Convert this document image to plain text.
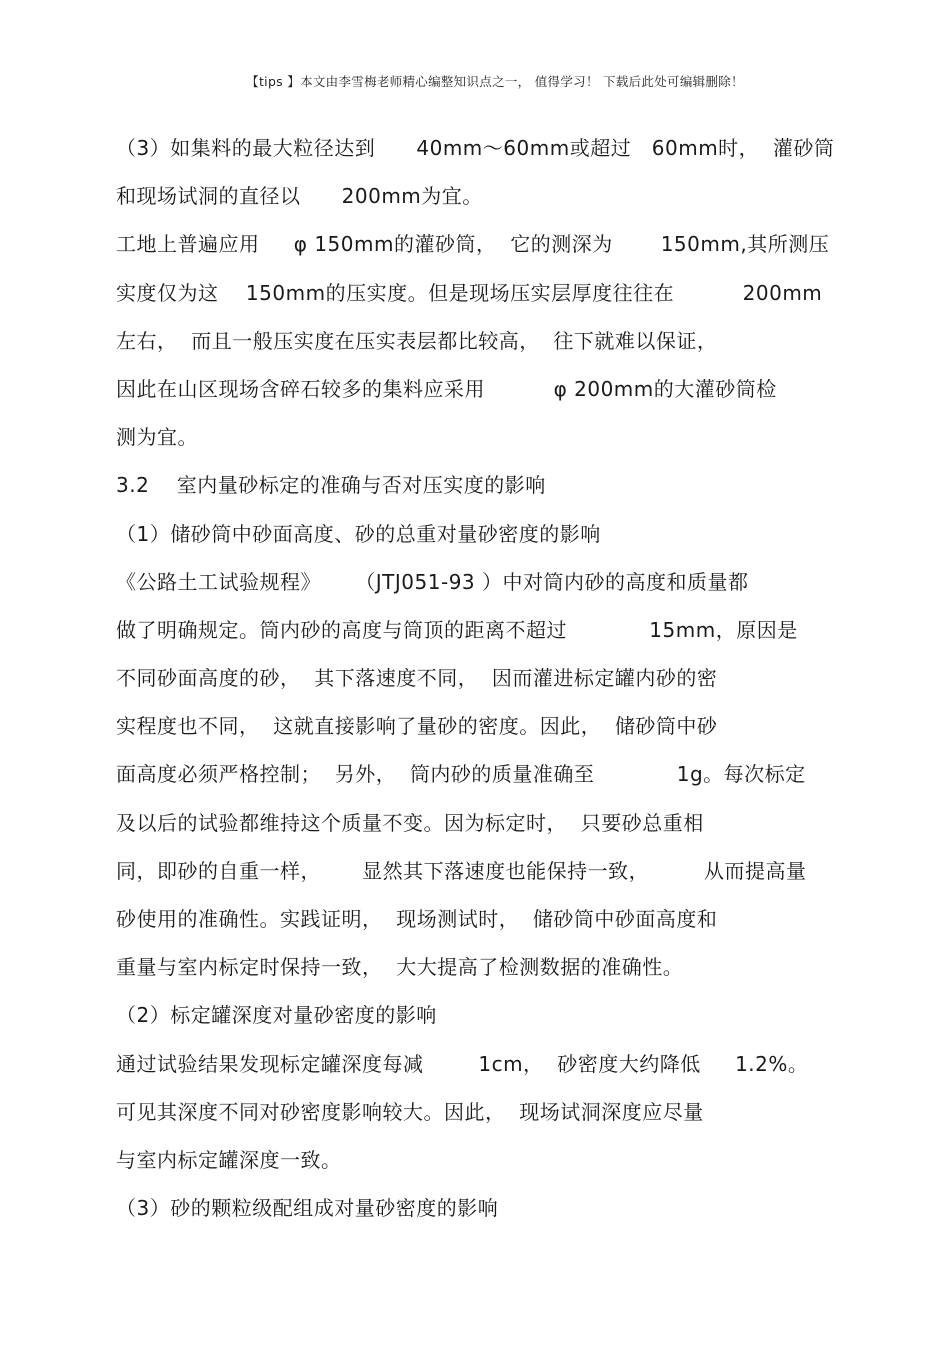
【tips 】本文由李雪梅老师精心编整知识点之一， 值得学习！ 下载后此处可编辑删除！
（3）如集料的最大粒径达到      40mm～60mm或超过   60mm时，  灌砂筒
和现场试洞的直径以      200mm为宜。
工地上普遍应用     φ 150mm的灌砂筒，  它的测深为       150mm,其所测压
实度仅为这    150mm的压实度。但是现场压实层厚度往往在          200mm
左右，  而且一般压实度在压实表层都比较高，  往下就难以保证，
因此在山区现场含碎石较多的集料应采用          φ 200mm的大灌砂筒检
测为宜。
3.2    室内量砂标定的准确与否对压实度的影响
（1）储砂筒中砂面高度、砂的总重对量砂密度的影响
《公路土工试验规程》     （JTJ051-93 ）中对筒内砂的高度和质量都
做了明确规定。筒内砂的高度与筒顶的距离不超过            15mm，原因是
不同砂面高度的砂，  其下落速度不同，  因而灌进标定罐内砂的密
实程度也不同，  这就直接影响了量砂的密度。因此，  储砂筒中砂
面高度必须严格控制；  另外，  筒内砂的质量准确至            1g。每次标定
及以后的试验都维持这个质量不变。因为标定时，  只要砂总重相
同，即砂的自重一样，      显然其下落速度也能保持一致，        从而提高量
砂使用的准确性。实践证明，  现场测试时，  储砂筒中砂面高度和
重量与室内标定时保持一致，  大大提高了检测数据的准确性。
（2）标定罐深度对量砂密度的影响
通过试验结果发现标定罐深度每减        1cm，  砂密度大约降低     1.2%。
可见其深度不同对砂密度影响较大。因此，  现场试洞深度应尽量
与室内标定罐深度一致。
（3）砂的颗粒级配组成对量砂密度的影响
